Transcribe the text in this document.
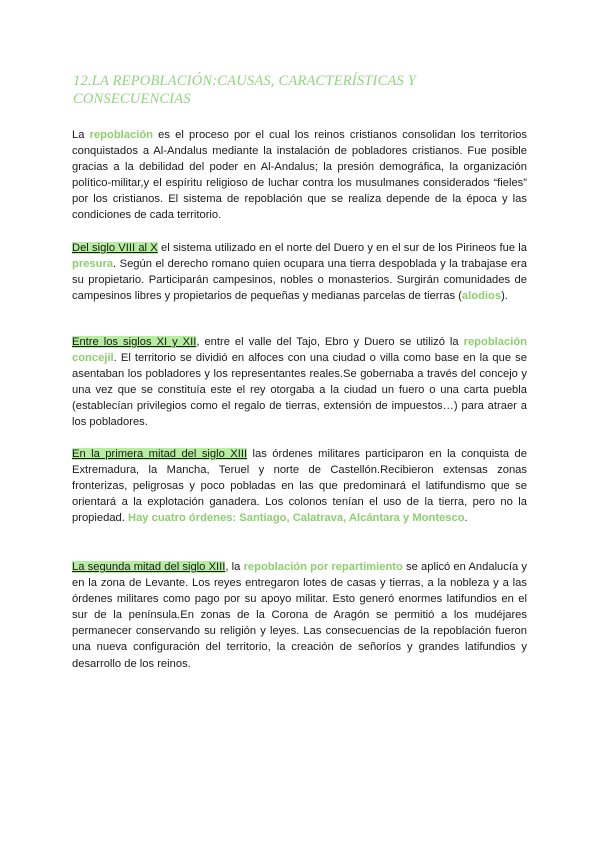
12.LA REPOBLACIÓN:CAUSAS, CARACTERÍSTICAS Y CONSECUENCIAS

La repoblación es el proceso por el cual los reinos cristianos consolidan los territorios conquistados a Al-Andalus mediante la instalación de pobladores cristianos. Fue posible gracias a la debilidad del poder en Al-Andalus; la presión demográfica, la organización político-militar,y el espíritu religioso de luchar contra los musulmanes considerados “fieles” por los cristianos. El sistema de repoblación que se realiza depende de la época y las condiciones de cada territorio.

Del siglo VIII al X el sistema utilizado en el norte del Duero y en el sur de los Pirineos fue la presura. Según el derecho romano quien ocupara una tierra despoblada y la trabajase era su propietario. Participarán campesinos, nobles o monasterios. Surgirán comunidades de campesinos libres y propietarios de pequeñas y medianas parcelas de tierras (alodios).

Entre los siglos XI y XII, entre el valle del Tajo, Ebro y Duero se utilizó la repoblación concejil. El territorio se dividió en alfoces con una ciudad o villa como base en la que se asentaban los pobladores y los representantes reales.Se gobernaba a través del concejo y una vez que se constituía este el rey otorgaba a la ciudad un fuero o una carta puebla (establecían privilegios como el regalo de tierras, extensión de impuestos…) para atraer a los pobladores.

En la primera mitad del siglo XIII las órdenes militares participaron en la conquista de Extremadura, la Mancha, Teruel y norte de Castellón.Recibieron extensas zonas fronterizas, peligrosas y poco pobladas en las que predominará el latifundismo que se orientará a la explotación ganadera. Los colonos tenían el uso de la tierra, pero no la propiedad. Hay cuatro órdenes: Santiago, Calatrava, Alcántara y Montesco.

La segunda mitad del siglo XIII, la repoblación por repartimiento se aplicó en Andalucía y en la zona de Levante. Los reyes entregaron lotes de casas y tierras, a la nobleza y a las órdenes militares como pago por su apoyo militar. Esto generó enormes latifundios en el sur de la península.En zonas de la Corona de Aragón se permitió a los mudéjares permanecer conservando su religión y leyes. Las consecuencias de la repoblación fueron una nueva configuración del territorio, la creación de señoríos y grandes latifundios y desarrollo de los reinos.
